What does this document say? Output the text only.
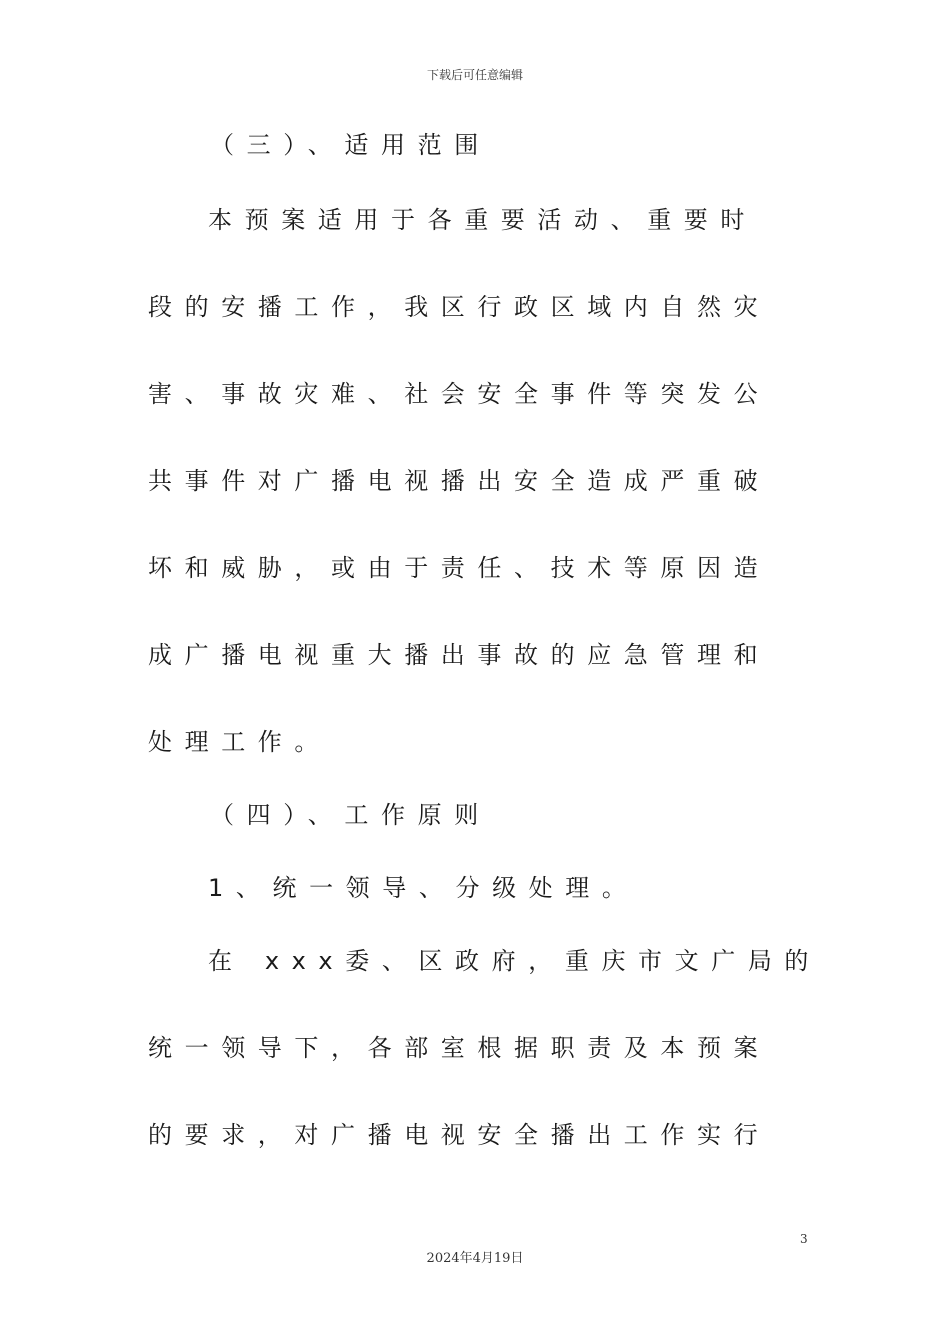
下载后可任意编辑
（三）、适用范围
本预案适用于各重要活动、重要时
段的安播工作，我区行政区域内自然灾
害、事故灾难、社会安全事件等突发公
共事件对广播电视播出安全造成严重破
坏和威胁，或由于责任、技术等原因造
成广播电视重大播出事故的应急管理和
处理工作。
（四）、工作原则
1、统一领导、分级处理。
在 xxx委、区政府，重庆市文广局的
统一领导下，各部室根据职责及本预案
的要求，对广播电视安全播出工作实行
3
2024年4月19日
